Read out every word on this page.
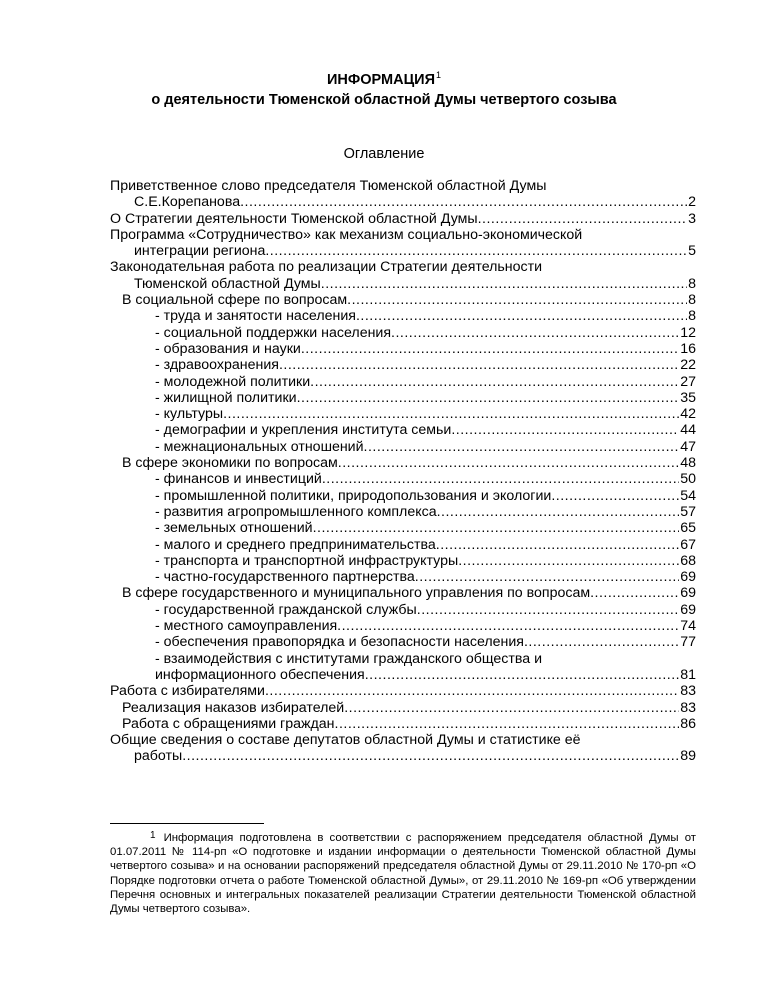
ИНФОРМАЦИЯ$^1$
о деятельности Тюменской областной Думы четвертого созыва
Оглавление
Приветственное слово председателя Тюменской областной Думы
С.Е.Корепанова .....	2
О Стратегии деятельности Тюменской областной Думы .....	3
Программа «Сотрудничество» как механизм социально-экономической
интеграции региона .....	5
Законодательная работа по реализации Стратегии деятельности
Тюменской областной Думы .....	8
В социальной сфере по вопросам .....	8
- труда и занятости населения .....	8
- социальной поддержки населения .....	12
- образования и науки .....	16
- здравоохранения .....	22
- молодежной политики .....	27
- жилищной политики .....	35
- культуры .....	42
- демографии и укрепления института семьи .....	44
- межнациональных отношений .....	47
В сфере экономики по вопросам .....	48
- финансов и инвестиций .....	50
- промышленной политики, природопользования и экологии .....	54
- развития агропромышленного комплекса .....	57
- земельных отношений .....	65
- малого и среднего предпринимательства .....	67
- транспорта и транспортной инфраструктуры .....	68
- частно-государственного партнерства .....	69
В сфере государственного и муниципального управления по вопросам .....	69
- государственной гражданской службы .....	69
- местного самоуправления .....	74
- обеспечения правопорядка и безопасности населения .....	77
- взаимодействия с институтами гражданского общества и
информационного обеспечения .....	81
Работа с избирателями .....	83
Реализация наказов избирателей .....	83
Работа с обращениями граждан .....	86
Общие сведения о составе депутатов областной Думы и статистике её
работы .....	89
1 Информация подготовлена в соответствии с распоряжением председателя областной Думы от 01.07.2011 № 114-рп «О подготовке и издании информации о деятельности Тюменской областной Думы четвертого созыва» и на основании распоряжений председателя областной Думы от 29.11.2010 № 170-рп «О Порядке подготовки отчета о работе Тюменской областной Думы», от 29.11.2010 № 169-рп «Об утверждении Перечня основных и интегральных показателей реализации Стратегии деятельности Тюменской областной Думы четвертого созыва».
